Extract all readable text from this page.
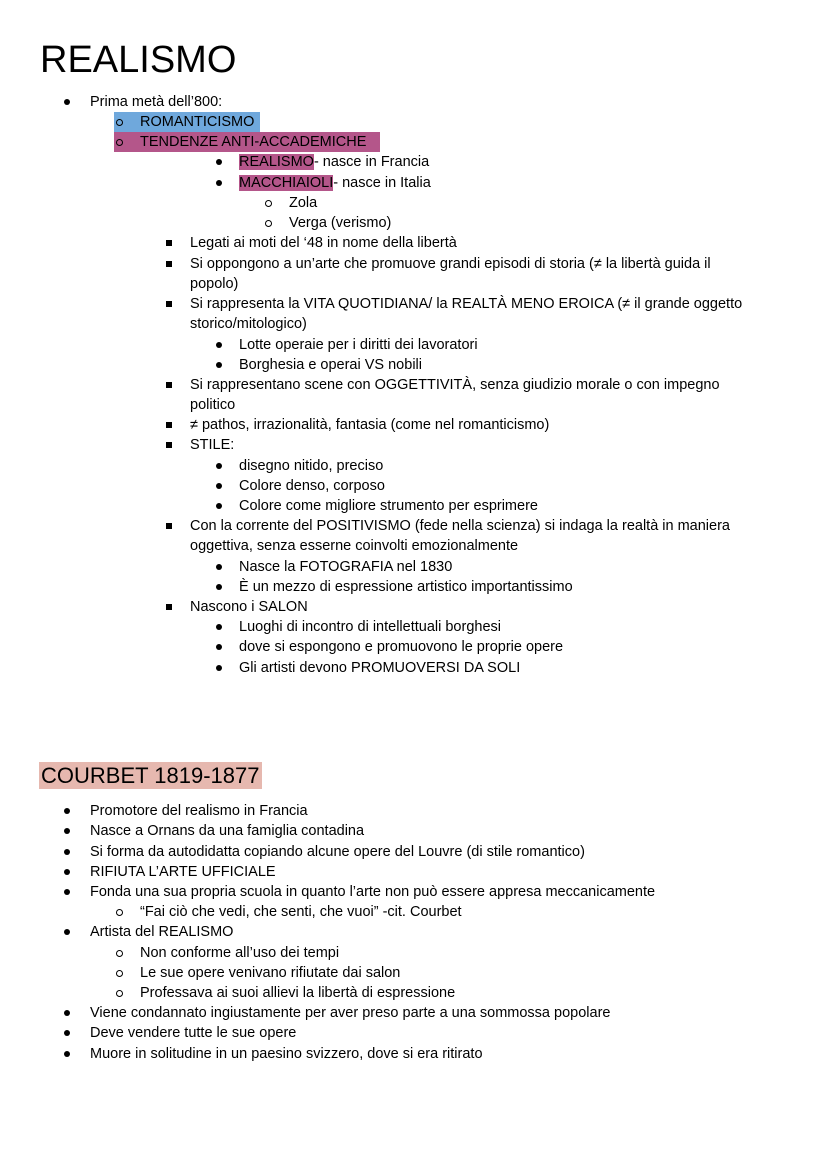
REALISMO
Prima metà dell’800:
ROMANTICISMO
TENDENZE ANTI-ACCADEMICHE
REALISMO- nasce in Francia
MACCHIAIOLI- nasce in Italia
Zola
Verga (verismo)
Legati ai moti del ‘48 in nome della libertà
Si oppongono a un’arte che promuove grandi episodi di storia (≠ la libertà guida il
popolo)
Si rappresenta la VITA QUOTIDIANA/ la REALTÀ MENO EROICA (≠ il grande oggetto
storico/mitologico)
Lotte operaie per i diritti dei lavoratori
Borghesia e operai VS nobili
Si rappresentano scene con OGGETTIVITÀ, senza giudizio morale o con impegno
politico
≠ pathos, irrazionalità, fantasia (come nel romanticismo)
STILE:
disegno nitido, preciso
Colore denso, corposo
Colore come migliore strumento per esprimere
Con la corrente del POSITIVISMO (fede nella scienza) si indaga la realtà in maniera
oggettiva, senza esserne coinvolti emozionalmente
Nasce la FOTOGRAFIA nel 1830
È un mezzo di espressione artistico importantissimo
Nascono i SALON
Luoghi di incontro di intellettuali borghesi
dove si espongono e promuovono le proprie opere
Gli artisti devono PROMUOVERSI DA SOLI
COURBET 1819-1877
Promotore del realismo in Francia
Nasce a Ornans da una famiglia contadina
Si forma da autodidatta copiando alcune opere del Louvre (di stile romantico)
RIFIUTA L’ARTE UFFICIALE
Fonda una sua propria scuola in quanto l’arte non può essere appresa meccanicamente
“Fai ciò che vedi, che senti, che vuoi” -cit. Courbet
Artista del REALISMO
Non conforme all’uso dei tempi
Le sue opere venivano rifiutate dai salon
Professava ai suoi allievi la libertà di espressione
Viene condannato ingiustamente per aver preso parte a una sommossa popolare
Deve vendere tutte le sue opere
Muore in solitudine in un paesino svizzero, dove si era ritirato
